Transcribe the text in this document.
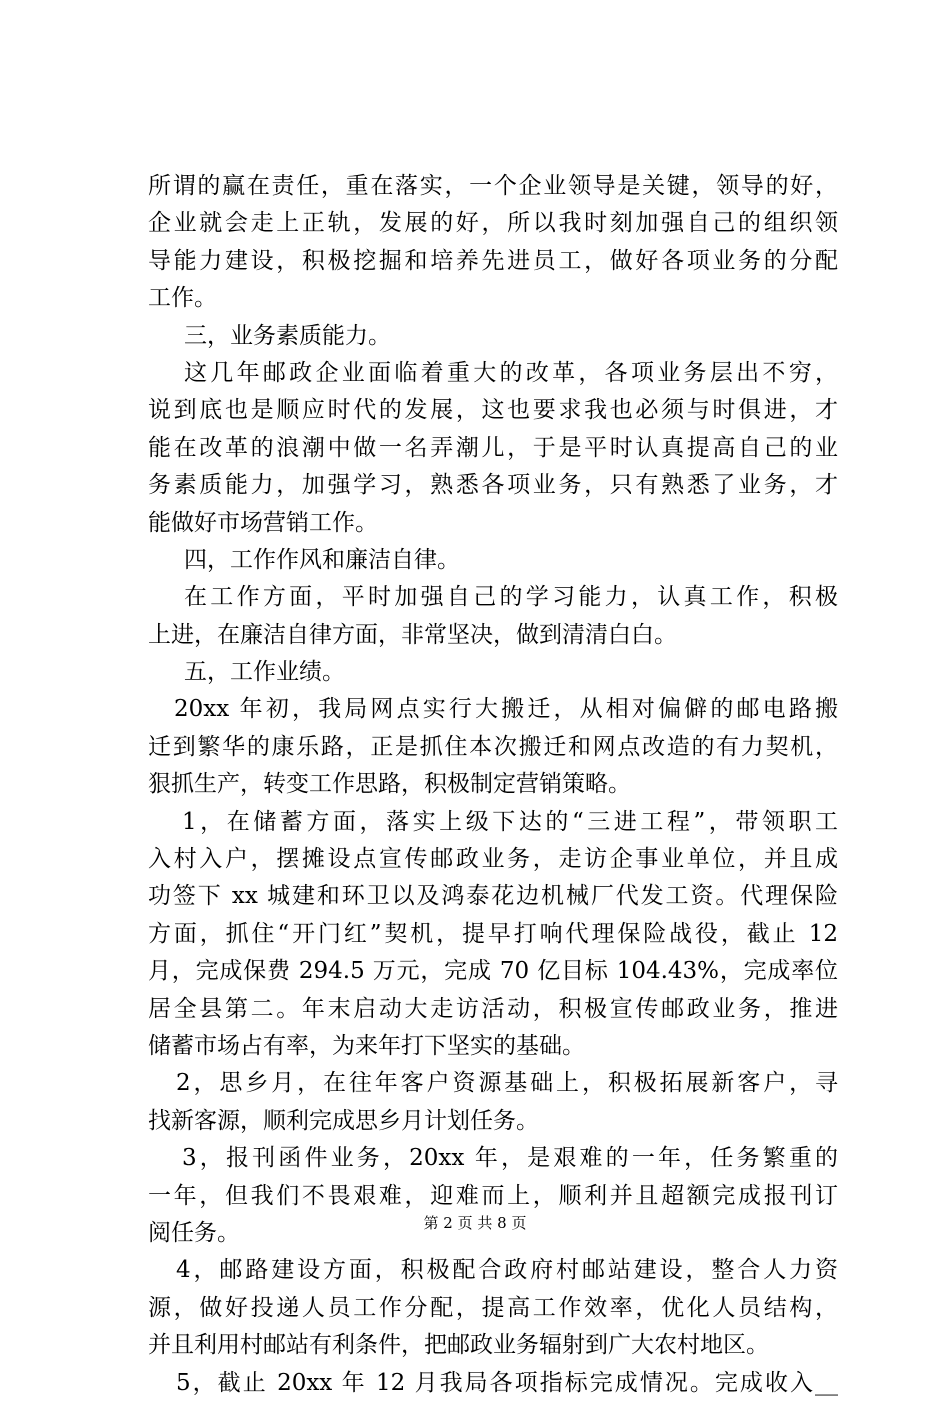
所谓的赢在责任，重在落实，一个企业领导是关键，领导的好，
企业就会走上正轨，发展的好，所以我时刻加强自己的组织领
导能力建设，积极挖掘和培养先进员工，做好各项业务的分配
工作。
三，业务素质能力。
这几年邮政企业面临着重大的改革，各项业务层出不穷，
说到底也是顺应时代的发展，这也要求我也必须与时俱进，才
能在改革的浪潮中做一名弄潮儿，于是平时认真提高自己的业
务素质能力，加强学习，熟悉各项业务，只有熟悉了业务，才
能做好市场营销工作。
四，工作作风和廉洁自律。
在工作方面，平时加强自己的学习能力，认真工作，积极
上进，在廉洁自律方面，非常坚决，做到清清白白。
五，工作业绩。
20xx 年初，我局网点实行大搬迁，从相对偏僻的邮电路搬
迁到繁华的康乐路，正是抓住本次搬迁和网点改造的有力契机，
狠抓生产，转变工作思路，积极制定营销策略。
1，在储蓄方面，落实上级下达的“三进工程”，带领职工
入村入户，摆摊设点宣传邮政业务，走访企事业单位，并且成
功签下 xx 城建和环卫以及鸿泰花边机械厂代发工资。代理保险
方面，抓住“开门红”契机，提早打响代理保险战役，截止 12
月，完成保费 294.5 万元，完成 70 亿目标 104.43%，完成率位
居全县第二。年末启动大走访活动，积极宣传邮政业务，推进
储蓄市场占有率，为来年打下坚实的基础。
2，思乡月，在往年客户资源基础上，积极拓展新客户，寻
找新客源，顺利完成思乡月计划任务。
3，报刊函件业务，20xx 年，是艰难的一年，任务繁重的
一年，但我们不畏艰难，迎难而上，顺利并且超额完成报刊订
阅任务。
4，邮路建设方面，积极配合政府村邮站建设，整合人力资
源，做好投递人员工作分配，提高工作效率，优化人员结构，
并且利用村邮站有利条件，把邮政业务辐射到广大农村地区。
5，截止 20xx 年 12 月我局各项指标完成情况。完成收入__
第 2 页 共 8 页
